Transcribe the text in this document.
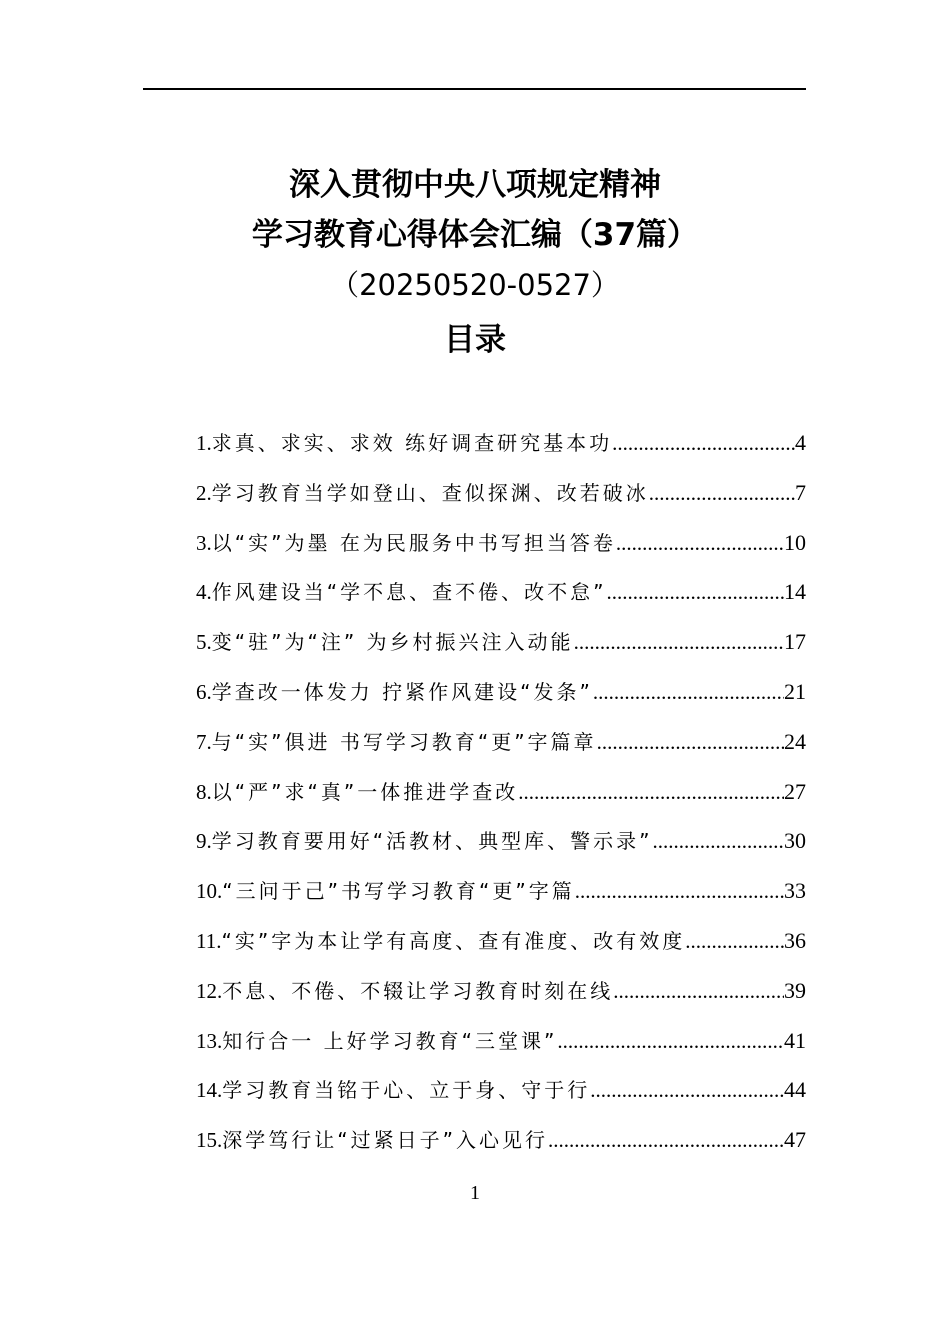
深入贯彻中央八项规定精神
学习教育心得体会汇编（37篇）
（20250520-0527）
目录
1. 求真、求实、求效 练好调查研究基本功 .....	4
2. 学习教育当学如登山、查似探渊、改若破冰 .....	7
3. 以“实”为墨 在为民服务中书写担当答卷 .....	10
4. 作风建设当“学不息、查不倦、改不怠” .....	14
5. 变“驻”为“注” 为乡村振兴注入动能 .....	17
6. 学查改一体发力 拧紧作风建设“发条” .....	21
7. 与“实”俱进 书写学习教育“更”字篇章 .....	24
8. 以“严”求“真”一体推进学查改 .....	27
9. 学习教育要用好“活教材、典型库、警示录” .....	30
10. “三问于己”书写学习教育“更”字篇 .....	33
11. “实”字为本让学有高度、查有准度、改有效度 .....	36
12. 不息、不倦、不辍让学习教育时刻在线 .....	39
13. 知行合一 上好学习教育“三堂课” .....	41
14. 学习教育当铭于心、立于身、守于行 .....	44
15. 深学笃行让“过紧日子”入心见行 .....	47
1
